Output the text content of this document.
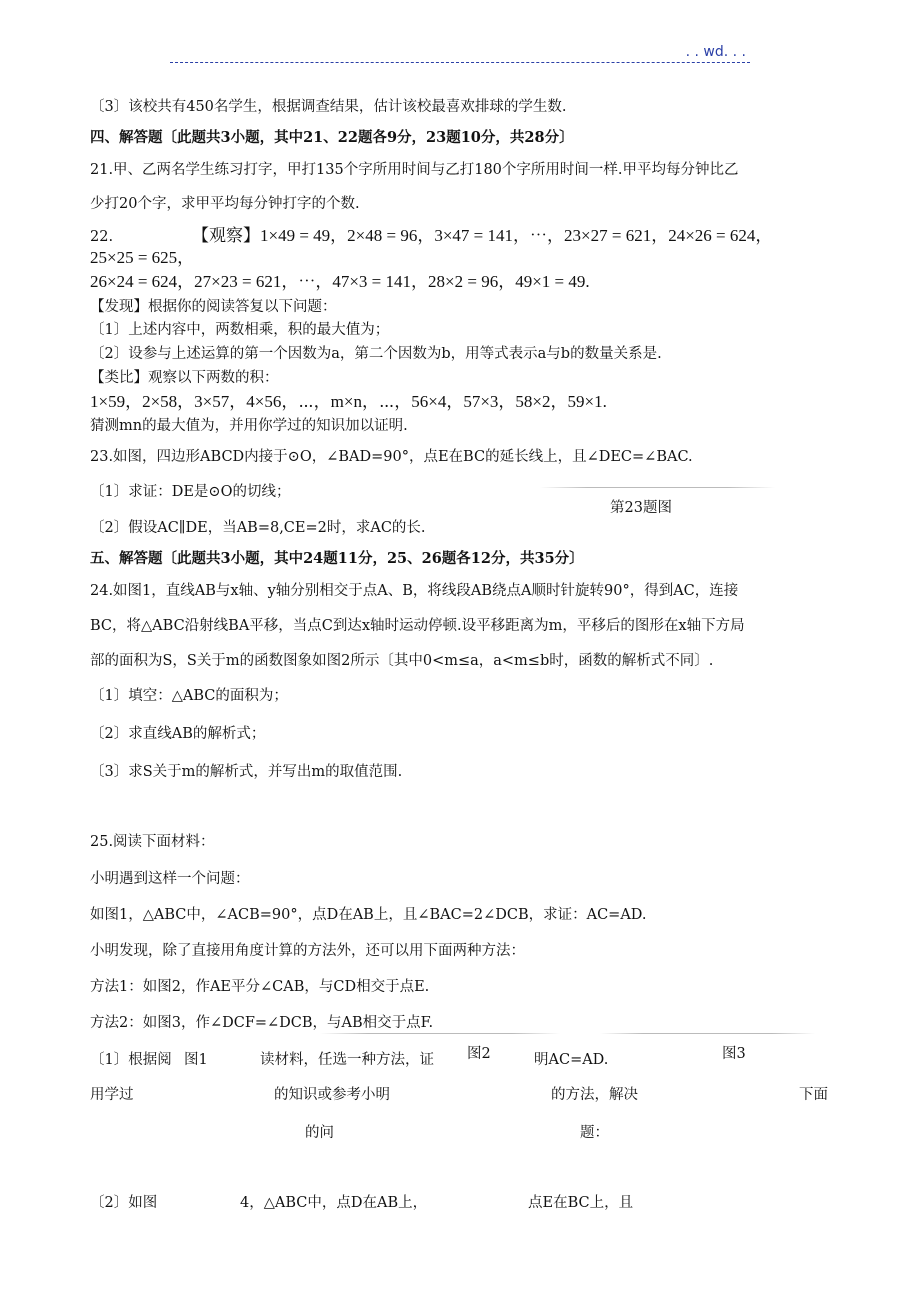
. . wd. . .
〔3〕该校共有450名学生，根据调查结果，估计该校最喜欢排球的学生数.
四、解答题〔此题共3小题，其中21、22题各9分，23题10分，共28分〕
21.甲、乙两名学生练习打字，甲打135个字所用时间与乙打180个字所用时间一样.甲平均每分钟比乙
少打20个字，求甲平均每分钟打字的个数.
22.	【观察】1×49 = 49，2×48 = 96，3×47 = 141，⋯，23×27 = 621，24×26 = 624，
25×25 = 625，
26×24 = 624，27×23 = 621，⋯，47×3 = 141，28×2 = 96，49×1 = 49.
【发现】根据你的阅读答复以下问题：
〔1〕上述内容中，两数相乘，积的最大值为；
〔2〕设参与上述运算的第一个因数为a，第二个因数为b，用等式表示a与b的数量关系是.
【类比】观察以下两数的积：
1×59，2×58，3×57，4×56，⋯，m×n，⋯，56×4，57×3，58×2，59×1.
猜测mn的最大值为，并用你学过的知识加以证明.
23.如图，四边形ABCD内接于⊙O，∠BAD=90°，点E在BC的延长线上，且∠DEC=∠BAC.
〔1〕求证：DE是⊙O的切线；
第23题图
〔2〕假设AC∥DE，当AB=8,CE=2时，求AC的长.
五、解答题〔此题共3小题，其中24题11分，25、26题各12分，共35分〕
24.如图1，直线AB与x轴、y轴分别相交于点A、B，将线段AB绕点A顺时针旋转90°，得到AC，连接
BC，将△ABC沿射线BA平移，当点C到达x轴时运动停顿.设平移距离为m，平移后的图形在x轴下方局
部的面积为S，S关于m的函数图象如图2所示〔其中0<m≤a，a<m≤b时，函数的解析式不同〕.
〔1〕填空：△ABC的面积为；
〔2〕求直线AB的解析式；
〔3〕求S关于m的解析式，并写出m的取值范围.
25.阅读下面材料：
小明遇到这样一个问题：
如图1，△ABC中，∠ACB=90°，点D在AB上，且∠BAC=2∠DCB，求证：AC=AD.
小明发现，除了直接用角度计算的方法外，还可以用下面两种方法：
方法1：如图2，作AE平分∠CAB，与CD相交于点E.
方法2：如图3，作∠DCF=∠DCB，与AB相交于点F.
〔1〕根据阅 图1	读材料，任选一种方法，证 图2	明AC=AD.	图3
用学过	的知识或参考小明	的方法，解决	下面
的问	题：
〔2〕如图	4，△ABC中，点D在AB上，	点E在BC上，且
